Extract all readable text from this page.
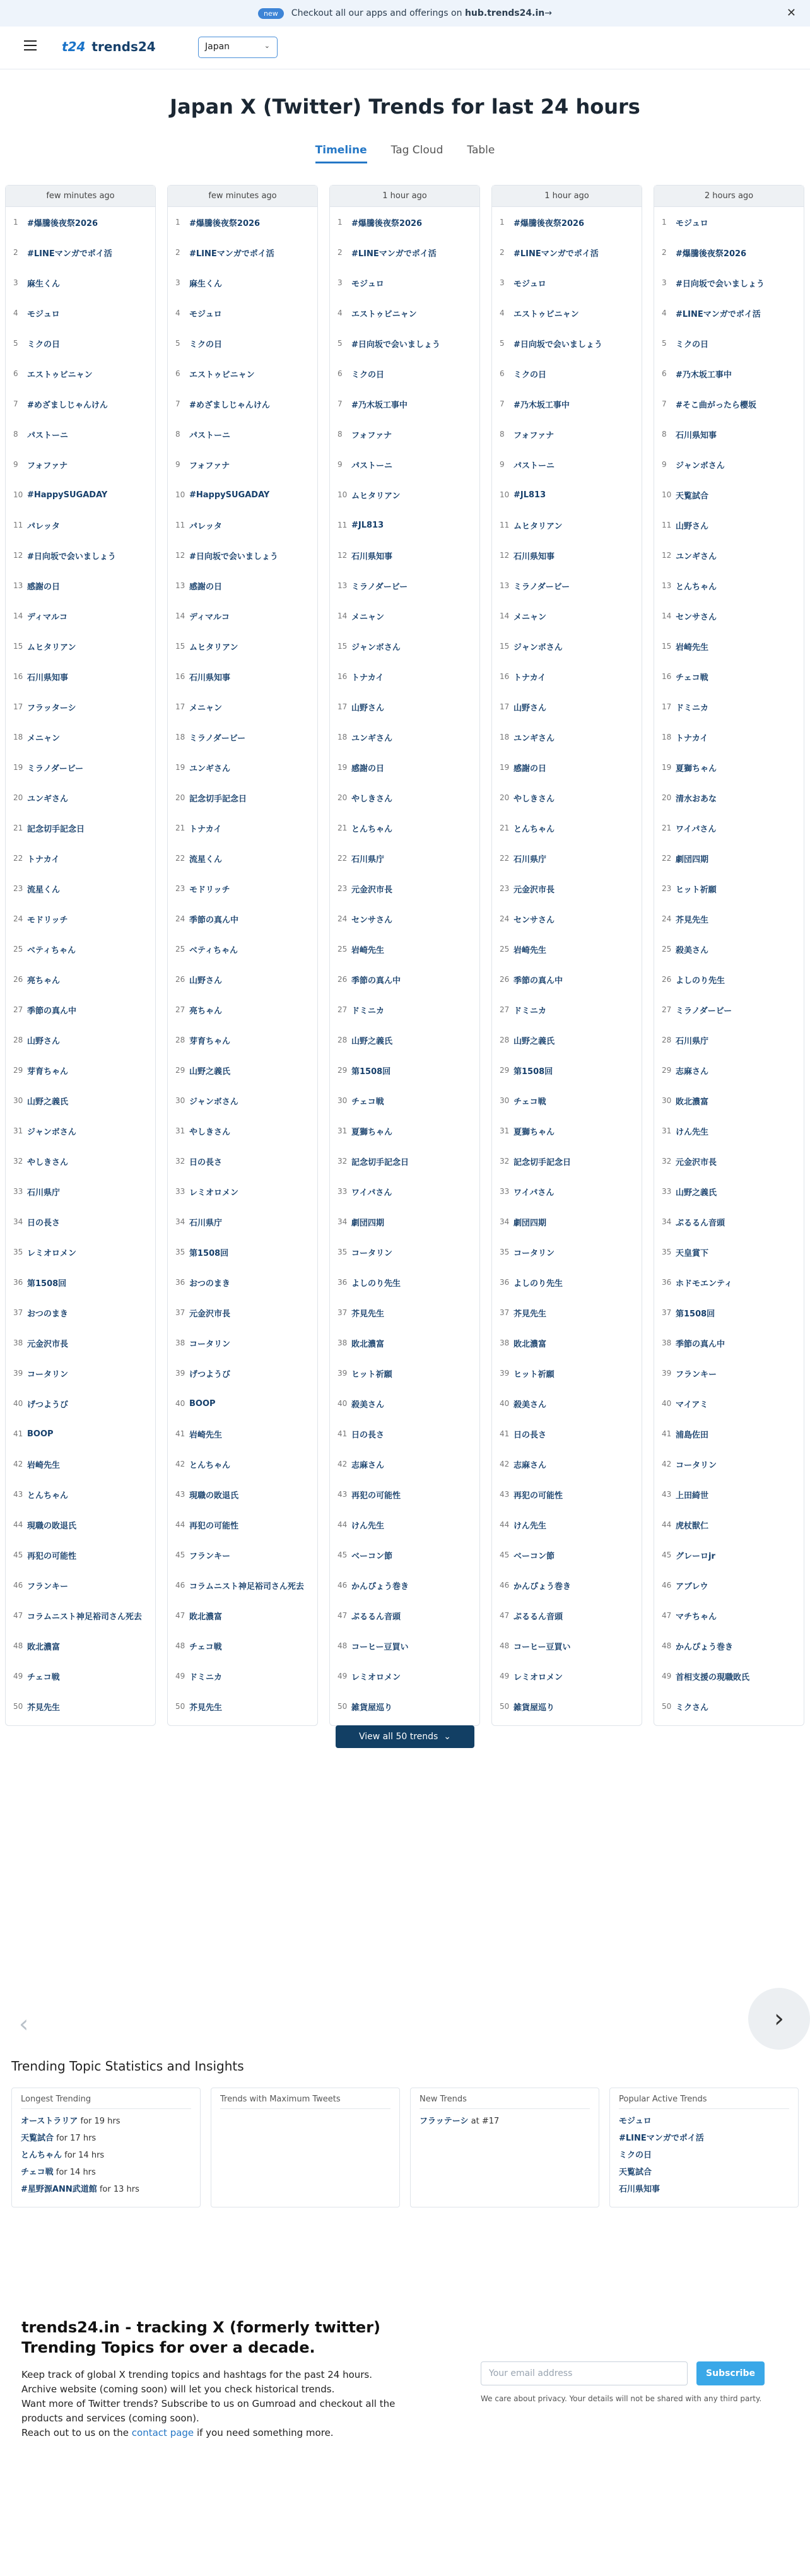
new	Checkout all our apps and offerings on
hub.trends24.in →	✕
t24 trends24	Japan	⌄
Japan X (Twitter) Trends for last 24 hours
Timeline Tag Cloud Table
few minutes ago
1	#爆騰後夜祭2026
2	#LINEマンガでポイ活
3	麻生くん
4	モジュロ
5	ミクの日
6	エストゥビニャン
7	#めざましじゃんけん
8	パストーニ
9	フォファナ
10 #HappySUGADAY
11 パレッタ
12 #日向坂で会いましょう
13 感謝の日
14 ディマルコ
15 ムヒタリアン
16 石川県知事
17 フラッターシ
18 メニャン
19 ミラノダービー
20 ユンギさん
21 記念切手記念日
22 トナカイ
23 流星くん
24 モドリッチ
25 ベティちゃん
26 亮ちゃん
27 季節の真ん中
28 山野さん
29 芽育ちゃん
30 山野之義氏
31 ジャンボさん
32 やしきさん
33 石川県庁
34 日の長さ
35 レミオロメン
36 第1508回
37 おつのまき
38 元金沢市長
39 コータリン
40 げつようび
41 BOOP
42 岩崎先生
43 とんちゃん
44 現職の敗退氏
45 再犯の可能性
46 フランキー
47 コラムニスト神足裕司さん死去
48 敗北濃富
49 チェコ戦
50 芥見先生
few minutes ago
1	#爆騰後夜祭2026
2	#LINEマンガでポイ活
3	麻生くん
4	モジュロ
5	ミクの日
6	エストゥビニャン
7	#めざましじゃんけん
8	パストーニ
9	フォファナ
10 #HappySUGADAY
11 パレッタ
12 #日向坂で会いましょう
13 感謝の日
14 ディマルコ
15 ムヒタリアン
16 石川県知事
17 メニャン
18 ミラノダービー
19 ユンギさん
20 記念切手記念日
21 トナカイ
22 流星くん
23 モドリッチ
24 季節の真ん中
25 ベティちゃん
26 山野さん
27 亮ちゃん
28 芽育ちゃん
29 山野之義氏
30 ジャンボさん
31 やしきさん
32 日の長さ
33 レミオロメン
34 石川県庁
35 第1508回
36 おつのまき
37 元金沢市長
38 コータリン
39 げつようび
40 BOOP
41 岩崎先生
42 とんちゃん
43 現職の敗退氏
44 再犯の可能性
45 フランキー
46 コラムニスト神足裕司さん死去
47 敗北濃富
48 チェコ戦
49 ドミニカ
50 芥見先生
1 hour ago
1	#爆騰後夜祭2026
2	#LINEマンガでポイ活
3	モジュロ
4	エストゥビニャン
5	#日向坂で会いましょう
6	ミクの日
7	#乃木坂工事中
8	フォファナ
9	パストーニ
10 ムヒタリアン
11 #JL813
12 石川県知事
13 ミラノダービー
14 メニャン
15 ジャンボさん
16 トナカイ
17 山野さん
18 ユンギさん
19 感謝の日
20 やしきさん
21 とんちゃん
22 石川県庁
23 元金沢市長
24 センサさん
25 岩崎先生
26 季節の真ん中
27 ドミニカ
28 山野之義氏
29 第1508回
30 チェコ戦
31 夏獅ちゃん
32 記念切手記念日
33 ワイパさん
34 劇団四期
35 コータリン
36 よしのり先生
37 芥見先生
38 敗北濃富
39 ヒット祈願
40 殺美さん
41 日の長さ
42 志麻さん
43 再犯の可能性
44 けん先生
45 ベーコン節
46 かんぴょう巻き
47 ぷるるん音頭
48 コーヒー豆買い
49 レミオロメン
50 雑貨屋巡り
1 hour ago
1	#爆騰後夜祭2026
2	#LINEマンガでポイ活
3	モジュロ
4	エストゥビニャン
5	#日向坂で会いましょう
6	ミクの日
7	#乃木坂工事中
8	フォファナ
9	パストーニ
10 #JL813
11 ムヒタリアン
12 石川県知事
13 ミラノダービー
14 メニャン
15 ジャンボさん
16 トナカイ
17 山野さん
18 ユンギさん
19 感謝の日
20 やしきさん
21 とんちゃん
22 石川県庁
23 元金沢市長
24 センサさん
25 岩崎先生
26 季節の真ん中
27 ドミニカ
28 山野之義氏
29 第1508回
30 チェコ戦
31 夏獅ちゃん
32 記念切手記念日
33 ワイパさん
34 劇団四期
35 コータリン
36 よしのり先生
37 芥見先生
38 敗北濃富
39 ヒット祈願
40 殺美さん
41 日の長さ
42 志麻さん
43 再犯の可能性
44 けん先生
45 ベーコン節
46 かんぴょう巻き
47 ぷるるん音頭
48 コーヒー豆買い
49 レミオロメン
50 雑貨屋巡り
2 hours ago
1	モジュロ
2	#爆騰後夜祭2026
3	#日向坂で会いましょう
4	#LINEマンガでポイ活
5	ミクの日
6	#乃木坂工事中
7	#そこ曲がったら櫻坂
8	石川県知事
9	ジャンボさん
10 天覧試合
11 山野さん
12 ユンギさん
13 とんちゃん
14 センサさん
15 岩崎先生
16 チェコ戦
17 ドミニカ
18 トナカイ
19 夏獅ちゃん
20 清水おあな
21 ワイパさん
22 劇団四期
23 ヒット祈願
24 芥見先生
25 殺美さん
26 よしのり先生
27 ミラノダービー
28 石川県庁
29 志麻さん
30 敗北濃富
31 けん先生
32 元金沢市長
33 山野之義氏
34 ぷるるん音頭
35 天皇賞下
36 ホドモエンティ
37 第1508回
38 季節の真ん中
39 フランキー
40 マイアミ
41 浦島佐田
42 コータリン
43 上田綺世
44 虎杖獣仁
45 グレーロjr
46 アブレウ
47 マチちゃん
48 かんぴょう巻き
49 首相支援の現職敗氏
50 ミクさん
View all 50 trends
⌄
‹	›
Trending Topic Statistics and Insights
Longest Trending
オーストラリア for 19 hrs
天覧試合 for 17 hrs
とんちゃん for 14 hrs
チェコ戦 for 14 hrs
#星野源ANN武道館 for 13 hrs
Trends with Maximum Tweets	New Trends
フラッテーシ at #17
Popular Active Trends
モジュロ
#LINEマンガでポイ活
ミクの日
天覧試合
石川県知事
trends24.in - tracking X (formerly twitter) Trending Topics for over a decade.

Keep track of global X trending topics and hashtags for the past 24 hours.
Archive website (coming soon) will let you check historical trends.
Want more of Twitter trends? Subscribe to us on Gumroad and checkout all the products and services (coming soon).
Reach out to us on the contact page if you need something more.

Your email address	Subscribe
We care about privacy. Your details will not be shared with any third party.
